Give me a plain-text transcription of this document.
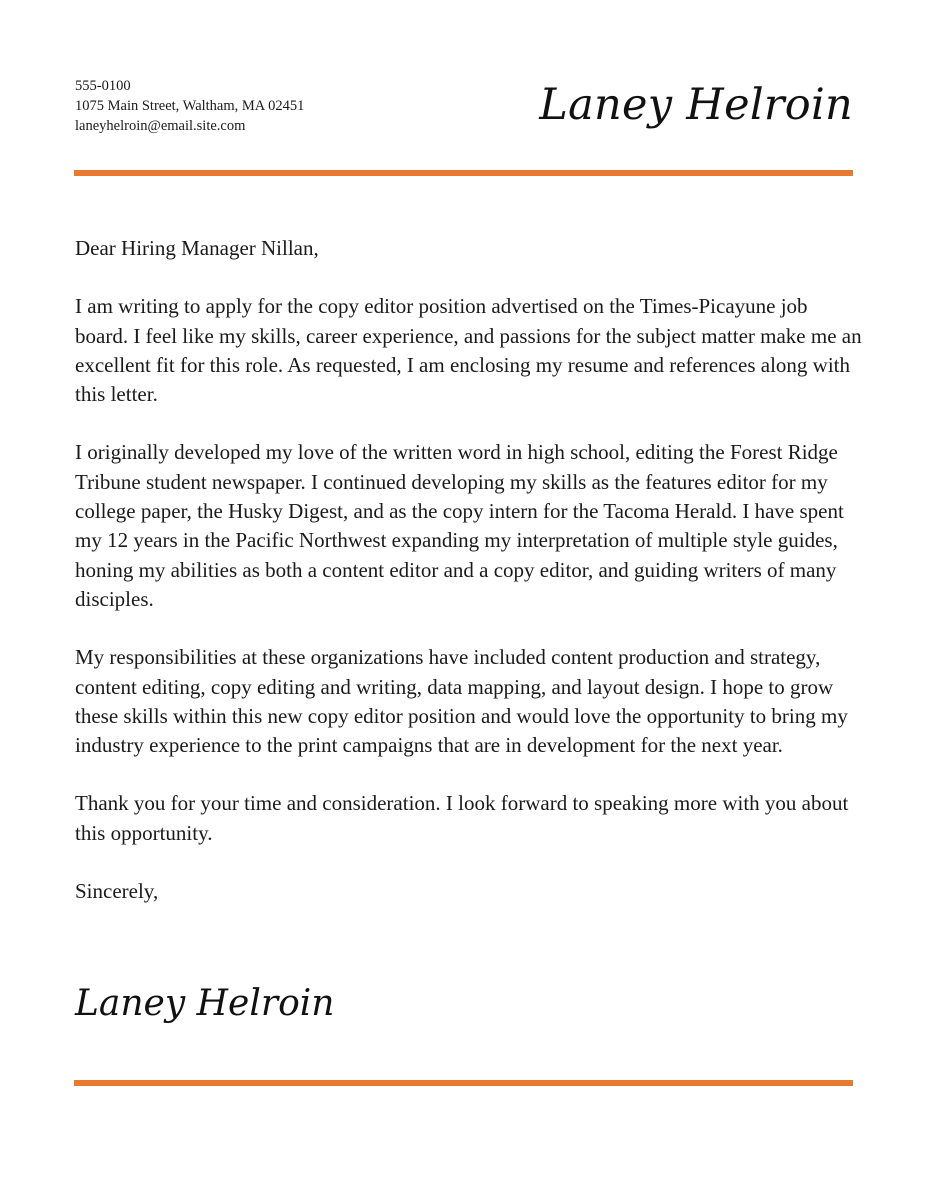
555-0100
1075 Main Street, Waltham, MA 02451
laneyhelroin@email.site.com	Laney Helroin

Dear Hiring Manager Nillan,

I am writing to apply for the copy editor position advertised on the Times-Picayune job board. I feel like my skills, career experience, and passions for the subject matter make me an excellent fit for this role. As requested, I am enclosing my resume and references along with this letter.

I originally developed my love of the written word in high school, editing the Forest Ridge Tribune student newspaper. I continued developing my skills as the features editor for my college paper, the Husky Digest, and as the copy intern for the Tacoma Herald. I have spent my 12 years in the Pacific Northwest expanding my interpretation of multiple style guides, honing my abilities as both a content editor and a copy editor, and guiding writers of many disciples.

My responsibilities at these organizations have included content production and strategy, content editing, copy editing and writing, data mapping, and layout design. I hope to grow these skills within this new copy editor position and would love the opportunity to bring my industry experience to the print campaigns that are in development for the next year.

Thank you for your time and consideration. I look forward to speaking more with you about this opportunity.

Sincerely,

Laney Helroin
